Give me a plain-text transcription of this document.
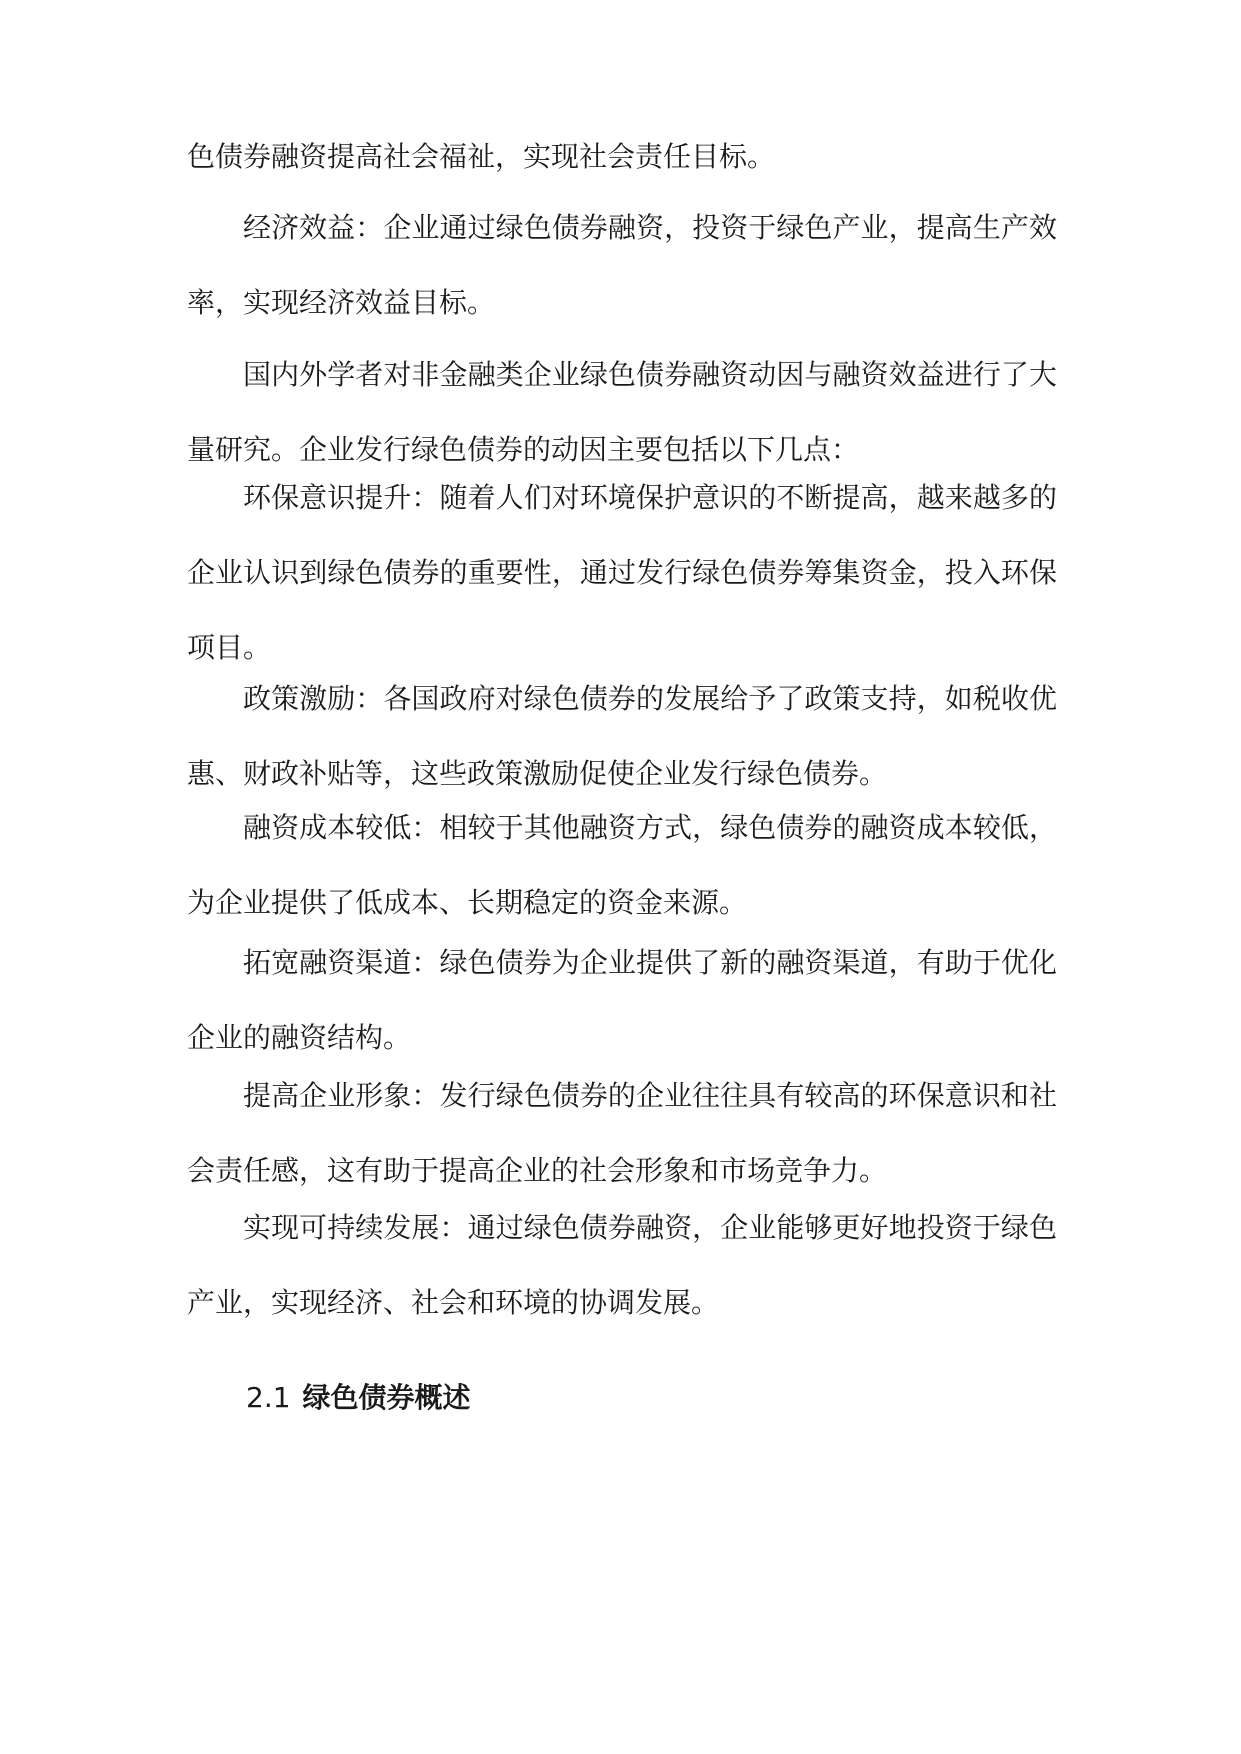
色债券融资提高社会福祉，实现社会责任目标。

经济效益：企业通过绿色债券融资，投资于绿色产业，提高生产效率，实现经济效益目标。

国内外学者对非金融类企业绿色债券融资动因与融资效益进行了大量研究。企业发行绿色债券的动因主要包括以下几点：

环保意识提升：随着人们对环境保护意识的不断提高，越来越多的企业认识到绿色债券的重要性，通过发行绿色债券筹集资金，投入环保项目。

政策激励：各国政府对绿色债券的发展给予了政策支持，如税收优惠、财政补贴等，这些政策激励促使企业发行绿色债券。

融资成本较低：相较于其他融资方式，绿色债券的融资成本较低，为企业提供了低成本、长期稳定的资金来源。

拓宽融资渠道：绿色债券为企业提供了新的融资渠道，有助于优化企业的融资结构。

提高企业形象：发行绿色债券的企业往往具有较高的环保意识和社会责任感，这有助于提高企业的社会形象和市场竞争力。

实现可持续发展：通过绿色债券融资，企业能够更好地投资于绿色产业，实现经济、社会和环境的协调发展。

2.1 绿色债券概述
